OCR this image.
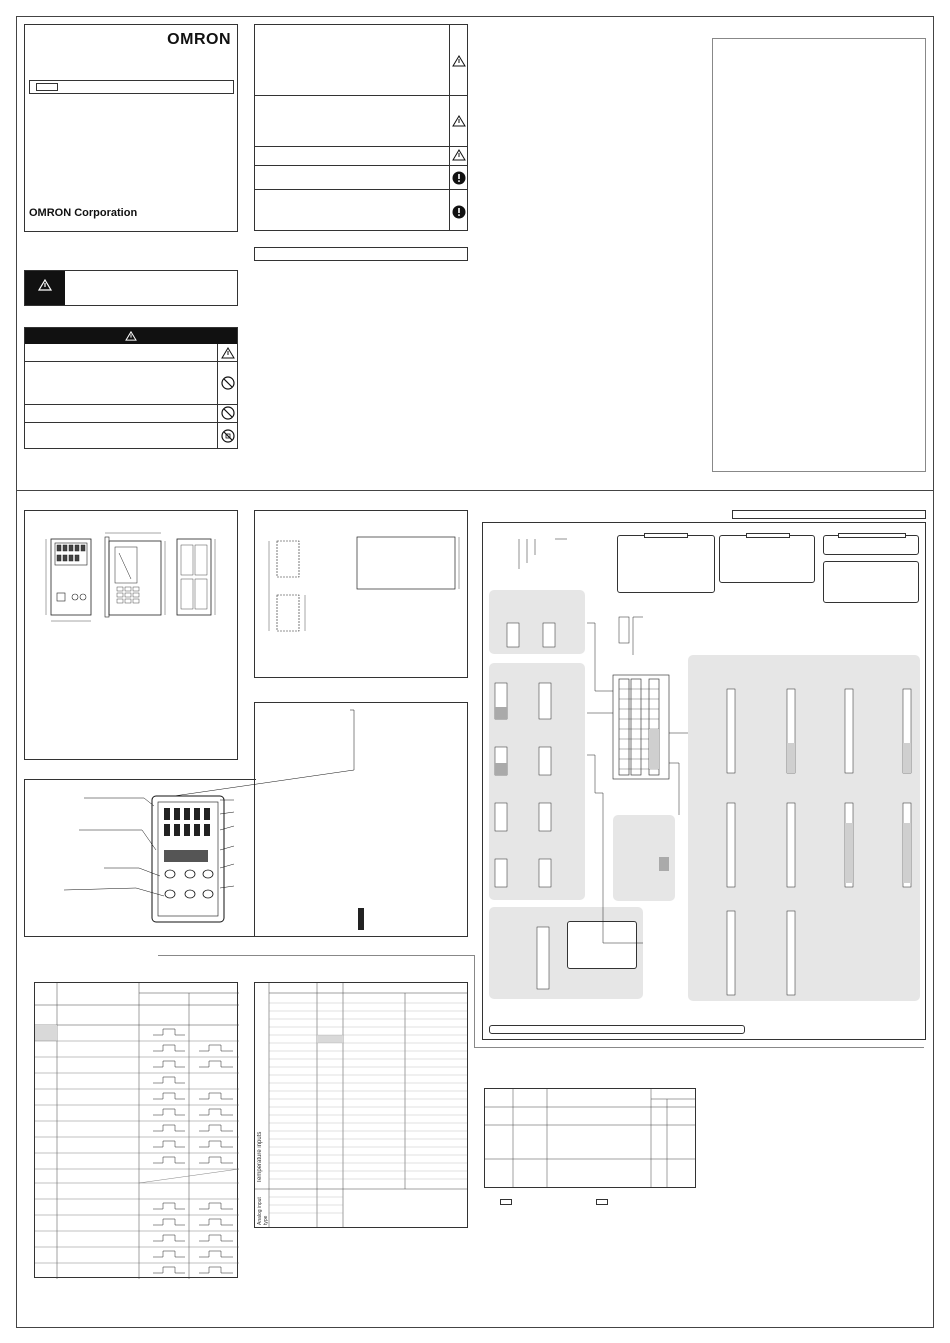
OMRON
OMRON Corporation
Temperature inputs
Analog input type
